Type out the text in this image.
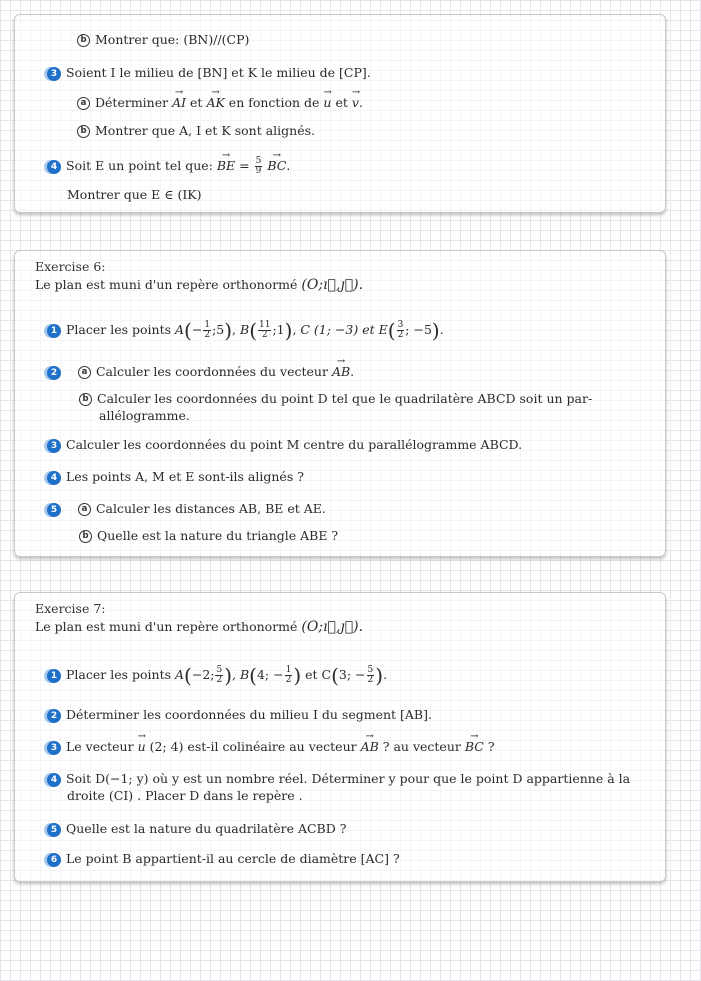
b Montrer que: (BN)//(CP)
3 Soient I le milieu de [BN] et K le milieu de [CP].
a Déterminer → AI et → AK en fonction de → u et → v.
b Montrer que A, I et K sont alignés.
4 Soit E un point tel que: → BE = $\frac{5}{9}$ → BC.
Montrer que E ∈ (IK)
Exercise 6:
Le plan est muni d'un repère orthonormé (O;ı⃗,ȷ⃗).
1 Placer les points $A(- \frac{1}{2}$ ;5), $B( \frac{11}{2}$ ;1), C (1; −3) et $E( \frac{3}{2}$ ; −5).
2	a Calculer les coordonnées du vecteur → AB.
b Calculer les coordonnées du point D tel que le quadrilatère ABCD soit un par-
allélogramme.
3 Calculer les coordonnées du point M centre du parallélogramme ABCD.
4 Les points A, M et E sont-ils alignés ?
5	a Calculer les distances AB, BE et AE.
b Quelle est la nature du triangle ABE ?
Exercise 7:
Le plan est muni d'un repère orthonormé (O;ı⃗,ȷ⃗).
1 Placer les points A(−2; $\frac{5}{2}$ ), B(4; − $\frac{1}{2}$ ) et C(3; − $\frac{5}{2}$ ).
2 Déterminer les coordonnées du milieu I du segment [AB].
3 Le vecteur → u (2; 4) est-il colinéaire au vecteur → AB ? au vecteur → BC ?
4 Soit D(−1; y) où y est un nombre réel. Déterminer y pour que le point D appartienne à la
droite (CI) . Placer D dans le repère .
5 Quelle est la nature du quadrilatère ACBD ?
6 Le point B appartient-il au cercle de diamètre [AC] ?
